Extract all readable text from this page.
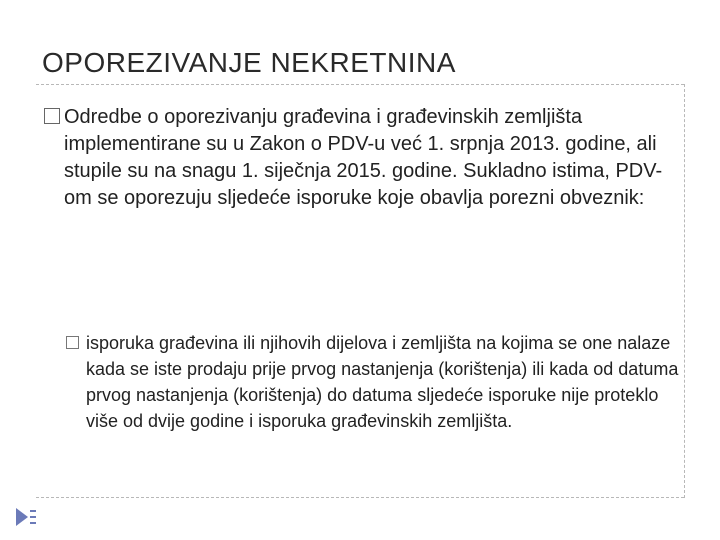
OPOREZIVANJE NEKRETNINA
Odredbe o oporezivanju građevina i građevinskih zemljišta implementirane su u Zakon o PDV-u već 1. srpnja 2013. godine, ali stupile su na snagu 1. siječnja 2015. godine. Sukladno istima, PDV-om se oporezuju sljedeće isporuke koje obavlja porezni obveznik:
isporuka građevina ili njihovih dijelova i zemljišta na kojima se one nalaze kada se iste prodaju prije prvog nastanjenja (korištenja) ili kada od datuma prvog nastanjenja (korištenja) do datuma sljedeće isporuke nije proteklo više od dvije godine i isporuka građevinskih zemljišta.
